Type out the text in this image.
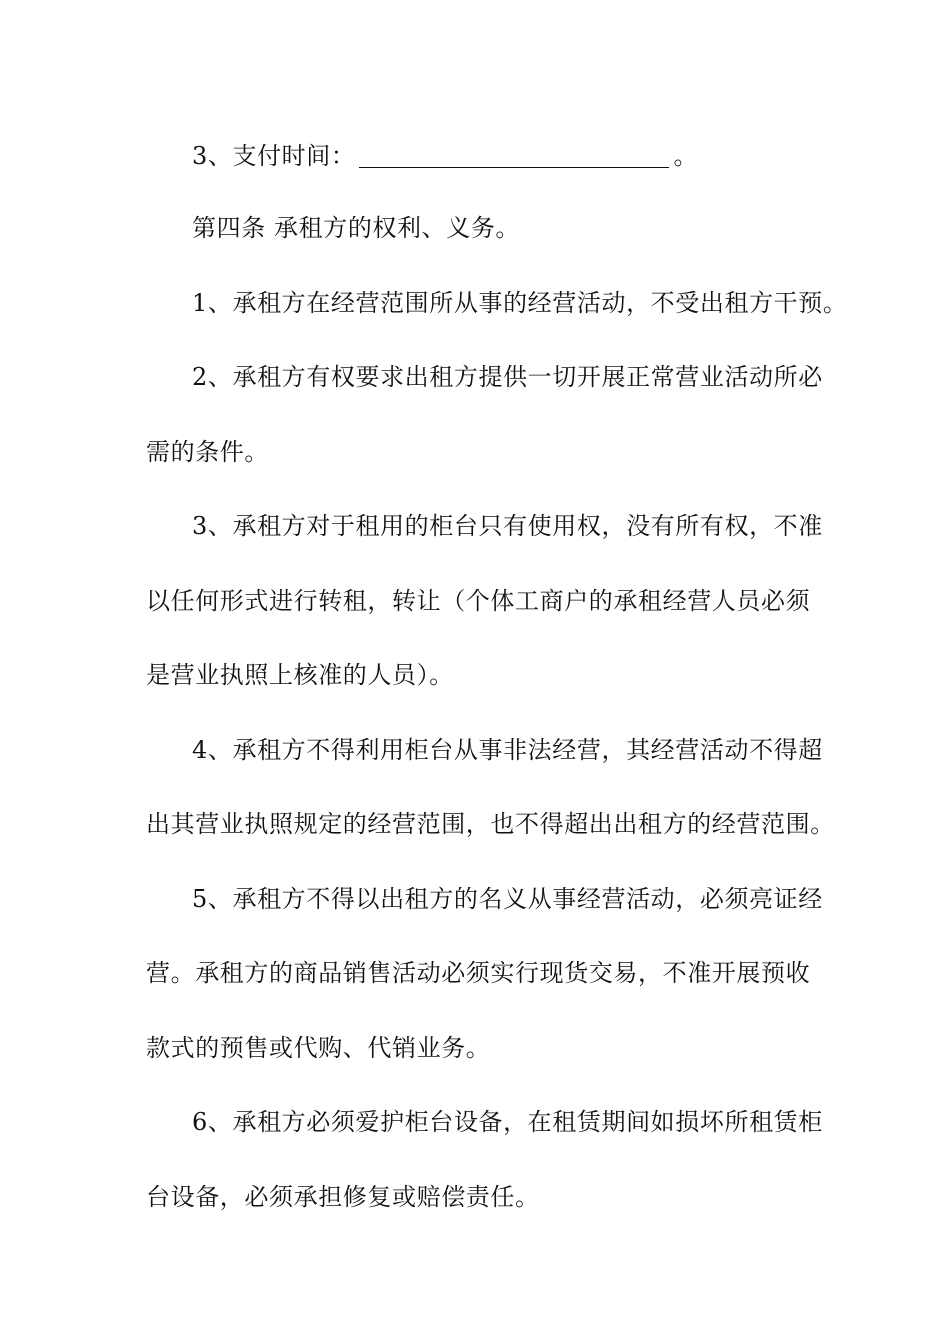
3、支付时间：	。
第四条 承租方的权利、义务。
1、承租方在经营范围所从事的经营活动，不受出租方干预。
2、承租方有权要求出租方提供一切开展正常营业活动所必
需的条件。
3、承租方对于租用的柜台只有使用权，没有所有权，不准
以任何形式进行转租，转让（个体工商户的承租经营人员必须
是营业执照上核准的人员）。
4、承租方不得利用柜台从事非法经营，其经营活动不得超
出其营业执照规定的经营范围，也不得超出出租方的经营范围。
5、承租方不得以出租方的名义从事经营活动，必须亮证经
营。承租方的商品销售活动必须实行现货交易，不准开展预收
款式的预售或代购、代销业务。
6、承租方必须爱护柜台设备，在租赁期间如损坏所租赁柜
台设备，必须承担修复或赔偿责任。
